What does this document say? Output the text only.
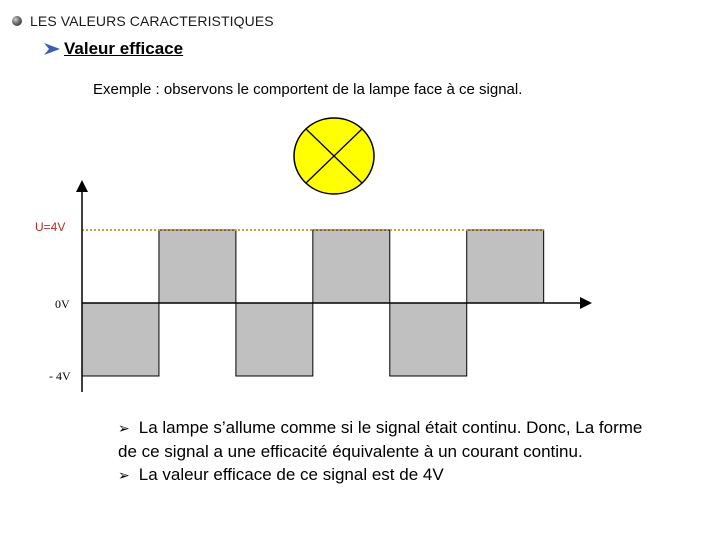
LES VALEURS CARACTERISTIQUES
Valeur efficace
Exemple : observons le comportent de la lampe face à ce signal.
U=4V
0V
- 4V
➢ La lampe s’allume comme si le signal était continu. Donc, La forme de ce signal a une efficacité équivalente à un courant continu.
➢ La valeur efficace de ce signal est de 4V
